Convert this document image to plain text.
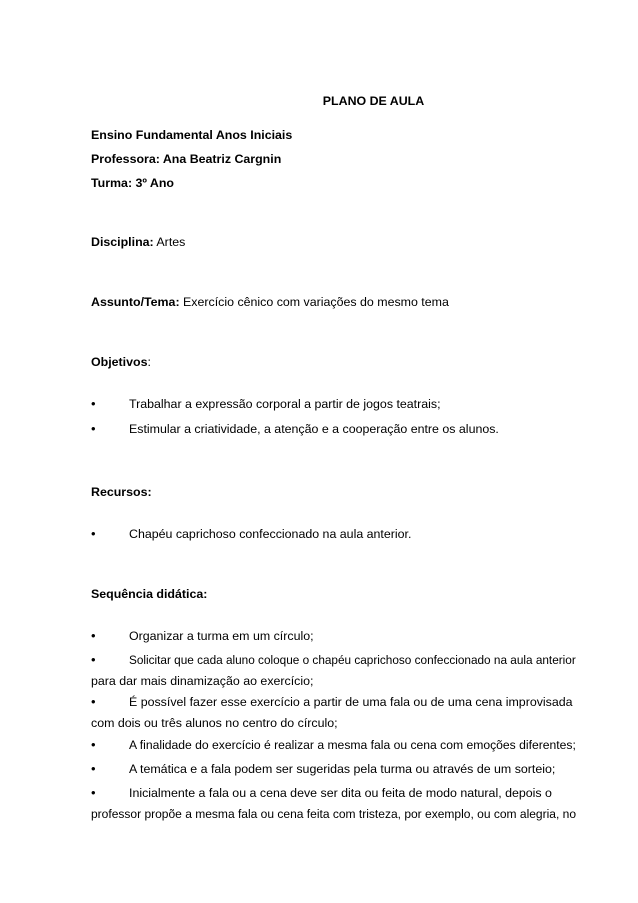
PLANO DE AULA
Ensino Fundamental Anos Iniciais
Professora: Ana Beatriz Cargnin
Turma: 3º Ano
Disciplina: Artes
Assunto/Tema: Exercício cênico com variações do mesmo tema
Objetivos:
•	Trabalhar a expressão corporal a partir de jogos teatrais;
•	Estimular a criatividade, a atenção e a cooperação entre os alunos.
Recursos:
•	Chapéu caprichoso confeccionado na aula anterior.
Sequência didática:
•	Organizar a turma em um círculo;
•	Solicitar que cada aluno coloque o chapéu caprichoso confeccionado na aula anterior
para dar mais dinamização ao exercício;
•	É possível fazer esse exercício a partir de uma fala ou de uma cena improvisada
com dois ou três alunos no centro do círculo;
•	A finalidade do exercício é realizar a mesma fala ou cena com emoções diferentes;
•	A temática e a fala podem ser sugeridas pela turma ou através de um sorteio;
•	Inicialmente a fala ou a cena deve ser dita ou feita de modo natural, depois o
professor propõe a mesma fala ou cena feita com tristeza, por exemplo, ou com alegria, no
